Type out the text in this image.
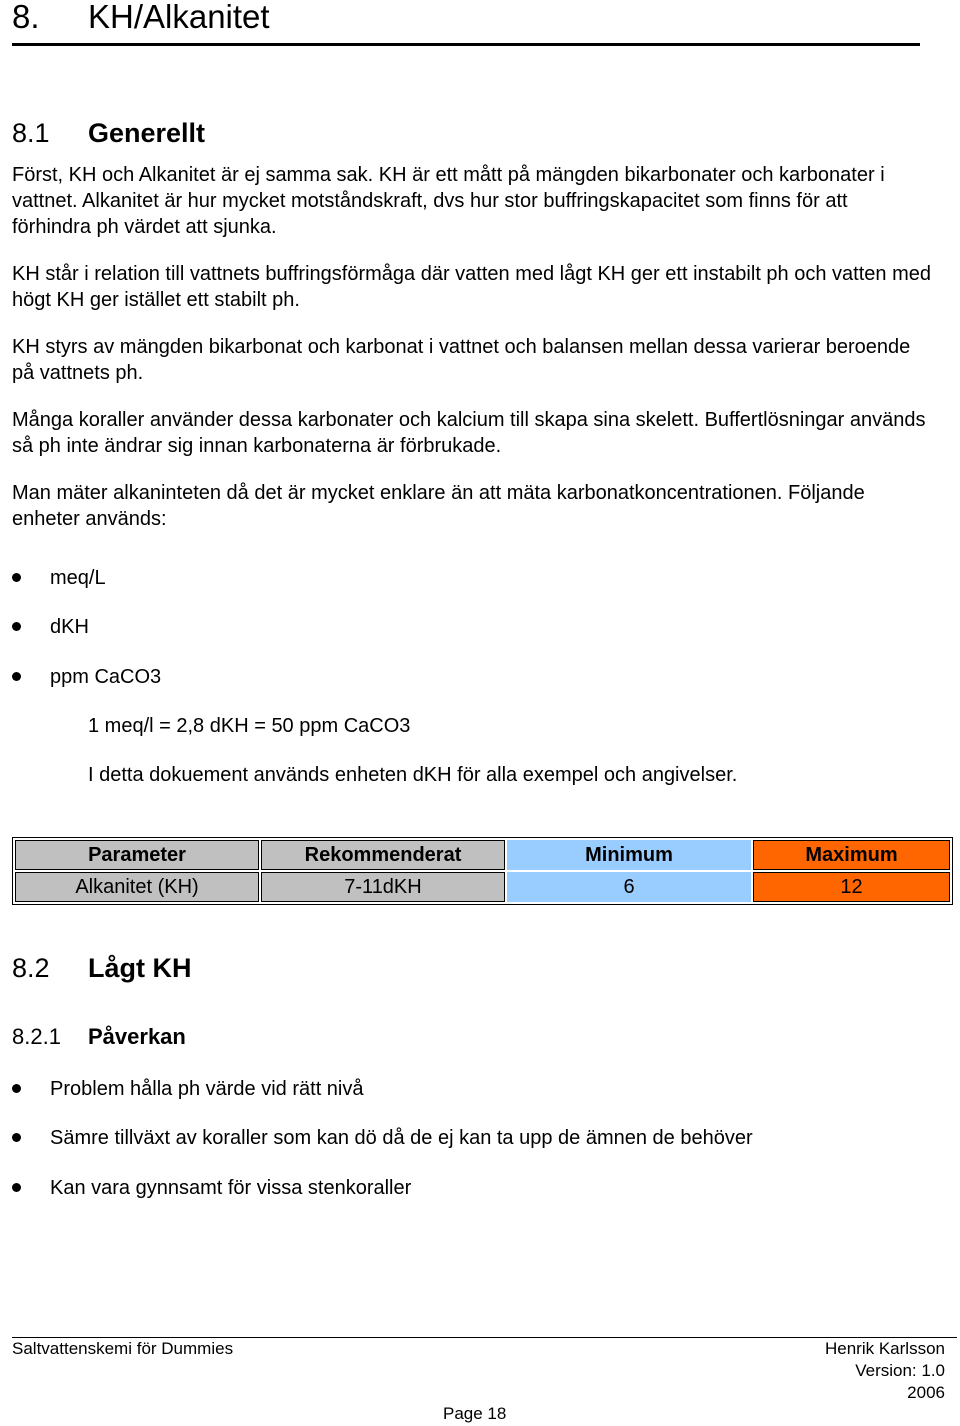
8. KH/Alkanitet
8.1 Generellt

Först, KH och Alkanitet är ej samma sak. KH är ett mått på mängden bikarbonater och karbonater i vattnet. Alkanitet är hur mycket motståndskraft, dvs hur stor buffringskapacitet som finns för att förhindra ph värdet att sjunka.

KH står i relation till vattnets buffringsförmåga där vatten med lågt KH ger ett instabilt ph och vatten med högt KH ger istället ett stabilt ph.

KH styrs av mängden bikarbonat och karbonat i vattnet och balansen mellan dessa varierar beroende på vattnets ph.

Många koraller använder dessa karbonater och kalcium till skapa sina skelett. Buffertlösningar används så ph inte ändrar sig innan karbonaterna är förbrukade.

Man mäter alkaninteten då det är mycket enklare än att mäta karbonatkoncentrationen. Följande enheter används:

meq/L
dKH
ppm CaCO3
1 meq/l = 2,8 dKH = 50 ppm CaCO3
I detta dokuement används enheten dKH för alla exempel och angivelser.
Parameter	Rekommenderat	Minimum	Maximum
Alkanitet (KH)	7-11dKH	6	12
8.2 Lågt KH
8.2.1 Påverkan
Problem hålla ph värde vid rätt nivå
Sämre tillväxt av koraller som kan dö då de ej kan ta upp de ämnen de behöver
Kan vara gynnsamt för vissa stenkoraller
Saltvattenskemi för Dummies	Henrik Karlsson
Version: 1.0
2006
Page 18
